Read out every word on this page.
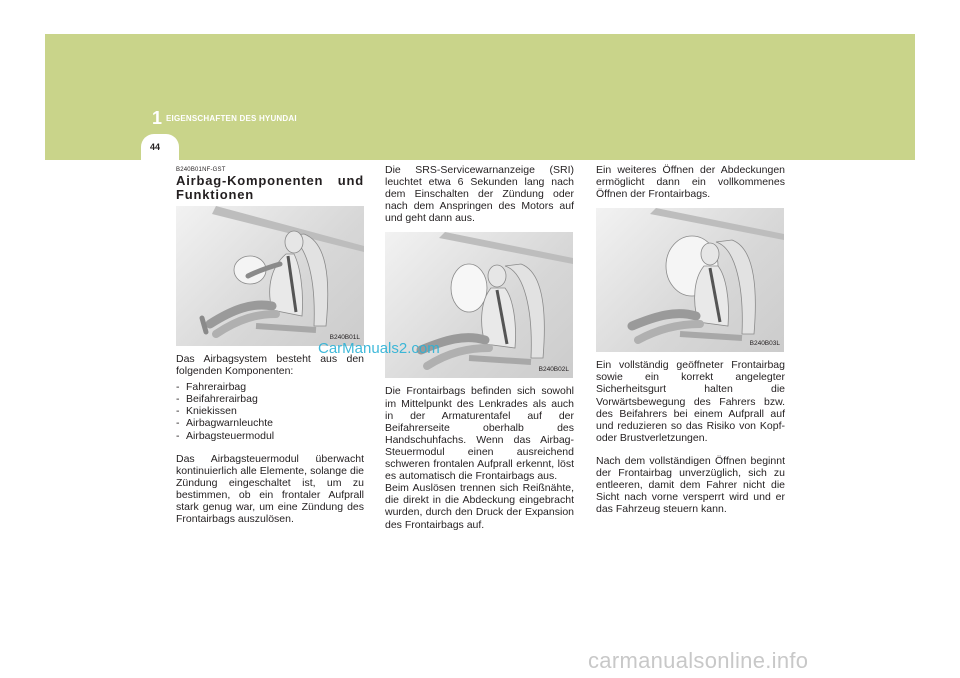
1 EIGENSCHAFTEN DES HYUNDAI
44
B240B01NF-GST
Airbag-Komponenten und Funktionen
B240B01L

Das Airbagsystem besteht aus den folgenden Komponenten:

- Fahrerairbag
- Beifahrerairbag
- Kniekissen
- Airbagwarnleuchte
- Airbagsteuermodul

Das Airbagsteuermodul überwacht kontinuierlich alle Elemente, solange die Zündung eingeschaltet ist, um zu bestimmen, ob ein frontaler Aufprall stark genug war, um eine Zündung des Frontairbags auszulösen.

Die SRS-Servicewarnanzeige (SRI) leuchtet etwa 6 Sekunden lang nach dem Einschalten der Zündung oder nach dem Anspringen des Motors auf und geht dann aus.

B240B02L

Die Frontairbags befinden sich sowohl im Mittelpunkt des Lenkrades als auch in der Armaturentafel auf der Beifahrerseite oberhalb des Handschuhfachs. Wenn das Airbag-Steuermodul einen ausreichend schweren frontalen Aufprall erkennt, löst es automatisch die Frontairbags aus.

Beim Auslösen trennen sich Reißnähte, die direkt in die Abdeckung eingebracht wurden, durch den Druck der Expansion des Frontairbags auf.

Ein weiteres Öffnen der Abdeckungen ermöglicht dann ein vollkommenes Öffnen der Frontairbags.

B240B03L

Ein vollständig geöffneter Frontairbag sowie ein korrekt angelegter Sicherheitsgurt halten die Vorwärtsbewegung des Fahrers bzw. des Beifahrers bei einem Aufprall auf und reduzieren so das Risiko von Kopf- oder Brustverletzungen.

Nach dem vollständigen Öffnen beginnt der Frontairbag unverzüglich, sich zu entleeren, damit dem Fahrer nicht die Sicht nach vorne versperrt wird und er das Fahrzeug steuern kann.

CarManuals2.com
carmanualsonline.info
